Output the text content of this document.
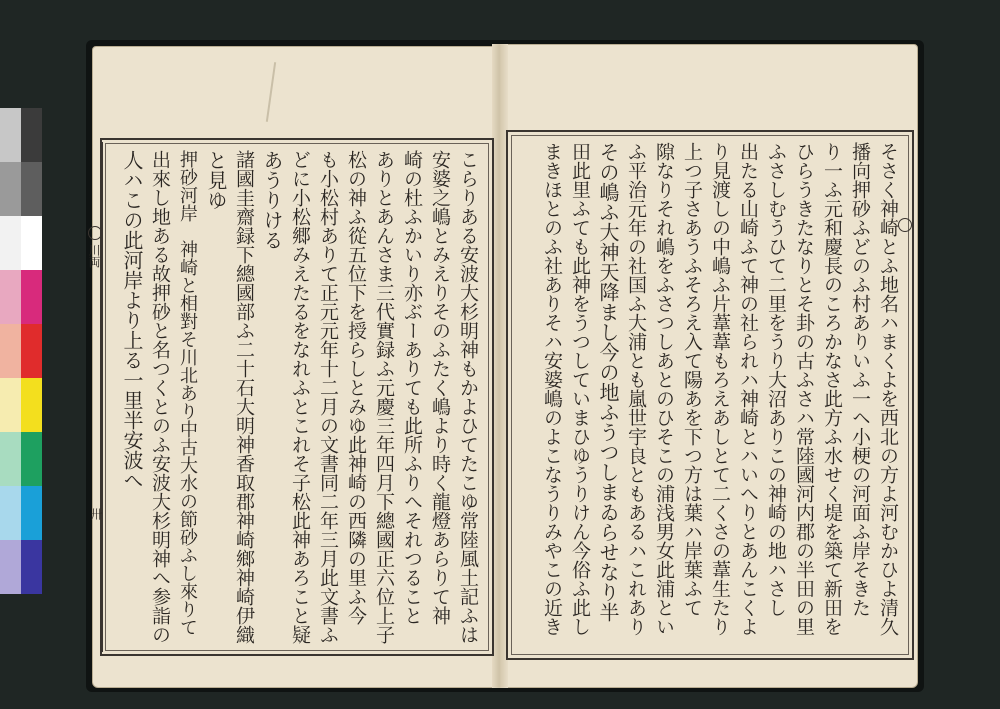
川両
卅	そさく神崎とふ地名ハまくよを西北の方よ河むかひよ清久
播向押砂ふどのふ村ありいふ一ヘ小梗の河面ふ岸そきた
り一ふ元和慶長のころかなさ此方ふ水せく堤を築て新田を
ひらうきたなりとそ卦の古ふさハ常陸國河内郡の半田の里
ふさしむうひて二里をうり大沼ありこの神崎の地ハさし
出たる山崎ふて神の社られハ神崎とハいへりとあんこくよ
り見渡しの中嶋ふ片葦葦もろえあしとて二くさの葦生たり
上つ子さあうふそろえ入て陽あを下つ方は葉ハ岸葉ふて
隙なりそれ嶋をふさつしあとのひそこの浦浅男女此浦とい
ふ平治元年の社国ふ大浦とも嵐世宇良ともあるハこれあり
その嶋ふ大神天降まし今の地ふうつしまゐらせなり半
田此里ふても此神をうつしていまひゆうりけん今俗ふ此し
まきほとのふ社ありそハ安婆嶋のよこなうりみやこの近き
こらりある安波大杉明神もかよひてたこゆ常陸風土記ふは
安婆之嶋とみえりそのふたく嶋より時く龍燈あらりて神
崎の杜ふかいり亦ぶーありても此所ふりへそれつること
ありとあんさま三代實録ふ元慶三年四月下總國正六位上子
松の神ふ從五位下を授らしとみゆ此神崎の西隣の里ふ今
も小松村ありて正元元年十二月の文書同二年三月此文書ふ
どに小松郷みえたるをなれふとこれそ子松此神あろこと疑
あうりける
諸國圭齋録下總國部ふ二十石大明神香取郡神崎鄉神崎伊織
と見ゆ
押砂河岸　神崎と相對そ川北あり中古大水の節砂ふし來りて
出來し地ある故押砂と名つくとのふ安波大杉明神へ参詣の
人ハこの此河岸より上る一里半安波へ
